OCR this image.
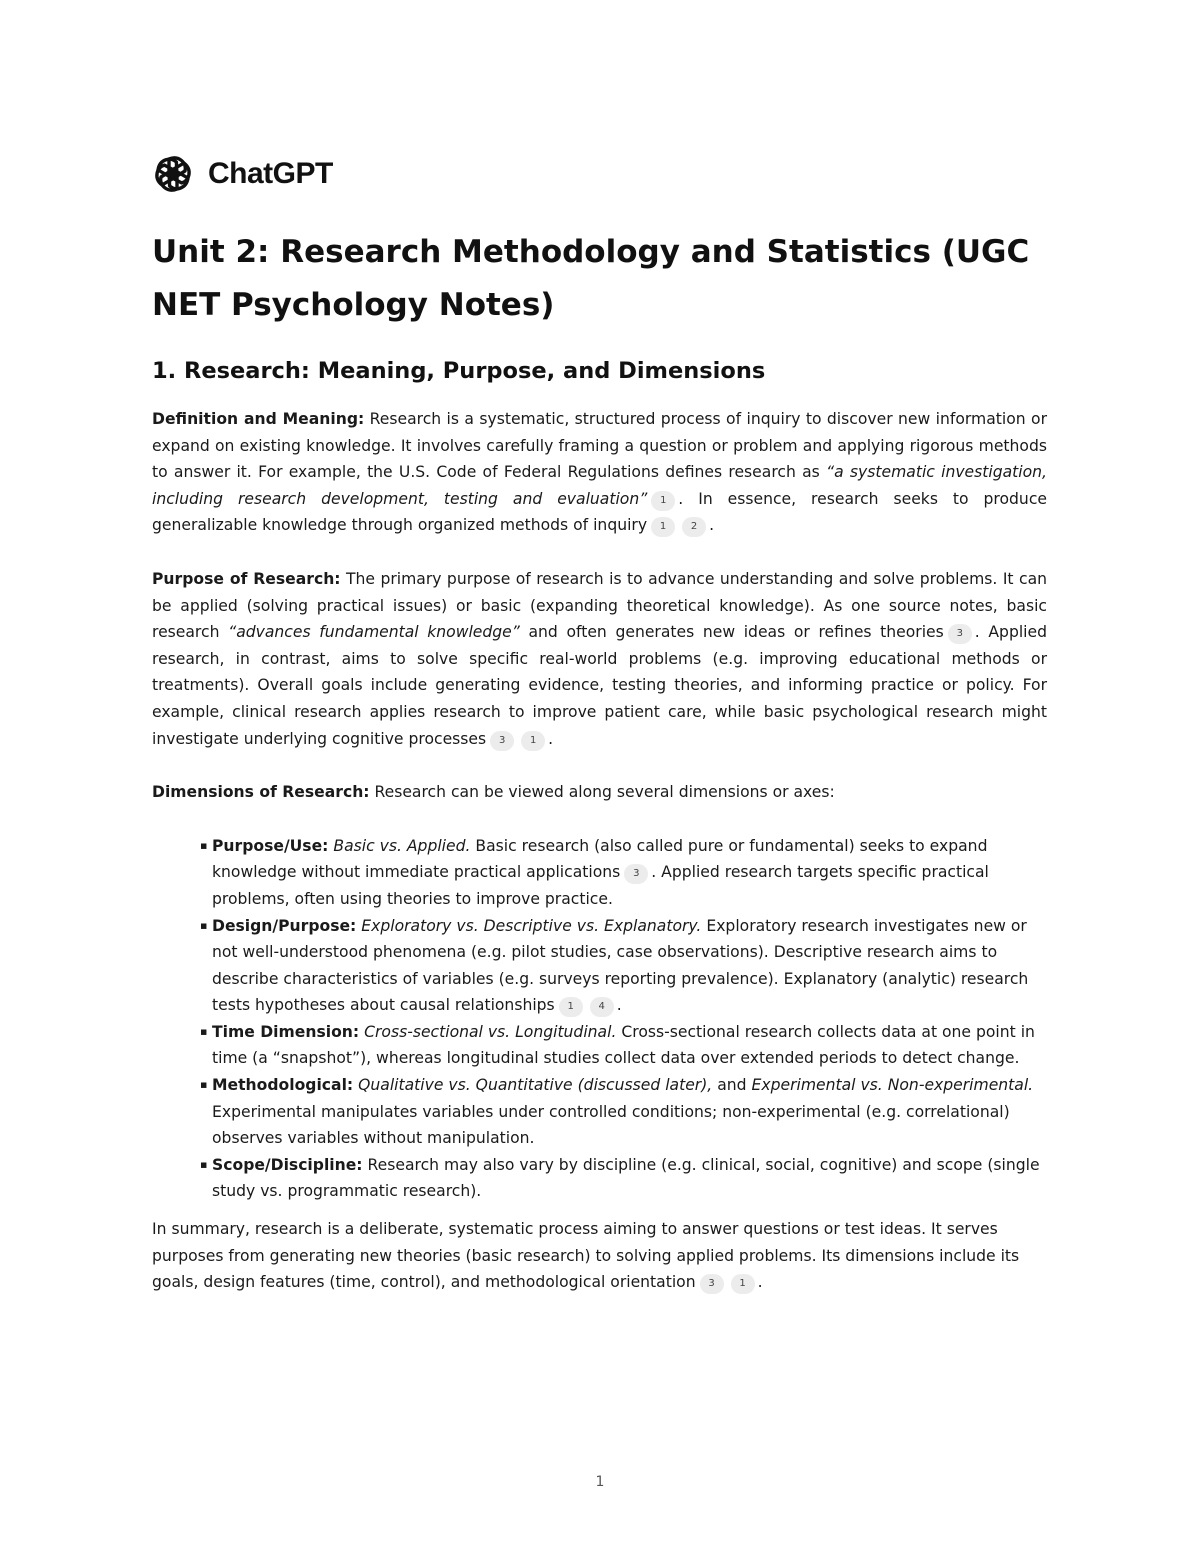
ChatGPT
Unit 2: Research Methodology and Statistics (UGC NET Psychology Notes)
1. Research: Meaning, Purpose, and Dimensions

Definition and Meaning: Research is a systematic, structured process of inquiry to discover new information or expand on existing knowledge. It involves carefully framing a question or problem and applying rigorous methods to answer it. For example, the U.S. Code of Federal Regulations defines research as “a systematic investigation, including research development, testing and evaluation” 1 . In essence, research seeks to produce generalizable knowledge through organized methods of inquiry 1 2 .

Purpose of Research: The primary purpose of research is to advance understanding and solve problems. It can be applied (solving practical issues) or basic (expanding theoretical knowledge). As one source notes, basic research “advances fundamental knowledge” and often generates new ideas or refines theories 3 . Applied research, in contrast, aims to solve specific real-world problems (e.g. improving educational methods or treatments). Overall goals include generating evidence, testing theories, and informing practice or policy. For example, clinical research applies research to improve patient care, while basic psychological research might investigate underlying cognitive processes 3 1 .

Dimensions of Research: Research can be viewed along several dimensions or axes:

▪ Purpose/Use: Basic vs. Applied. Basic research (also called pure or fundamental) seeks to expand knowledge without immediate practical applications 3 . Applied research targets specific practical problems, often using theories to improve practice.
▪ Design/Purpose: Exploratory vs. Descriptive vs. Explanatory. Exploratory research investigates new or not well-understood phenomena (e.g. pilot studies, case observations). Descriptive research aims to describe characteristics of variables (e.g. surveys reporting prevalence). Explanatory (analytic) research tests hypotheses about causal relationships 1 4 .
▪ Time Dimension: Cross-sectional vs. Longitudinal. Cross-sectional research collects data at one point in time (a “snapshot”), whereas longitudinal studies collect data over extended periods to detect change.
▪ Methodological: Qualitative vs. Quantitative (discussed later), and Experimental vs. Non-experimental. Experimental manipulates variables under controlled conditions; non-experimental (e.g. correlational) observes variables without manipulation.
▪ Scope/Discipline: Research may also vary by discipline (e.g. clinical, social, cognitive) and scope (single study vs. programmatic research).

In summary, research is a deliberate, systematic process aiming to answer questions or test ideas. It serves purposes from generating new theories (basic research) to solving applied problems. Its dimensions include its goals, design features (time, control), and methodological orientation 3 1 .

1
